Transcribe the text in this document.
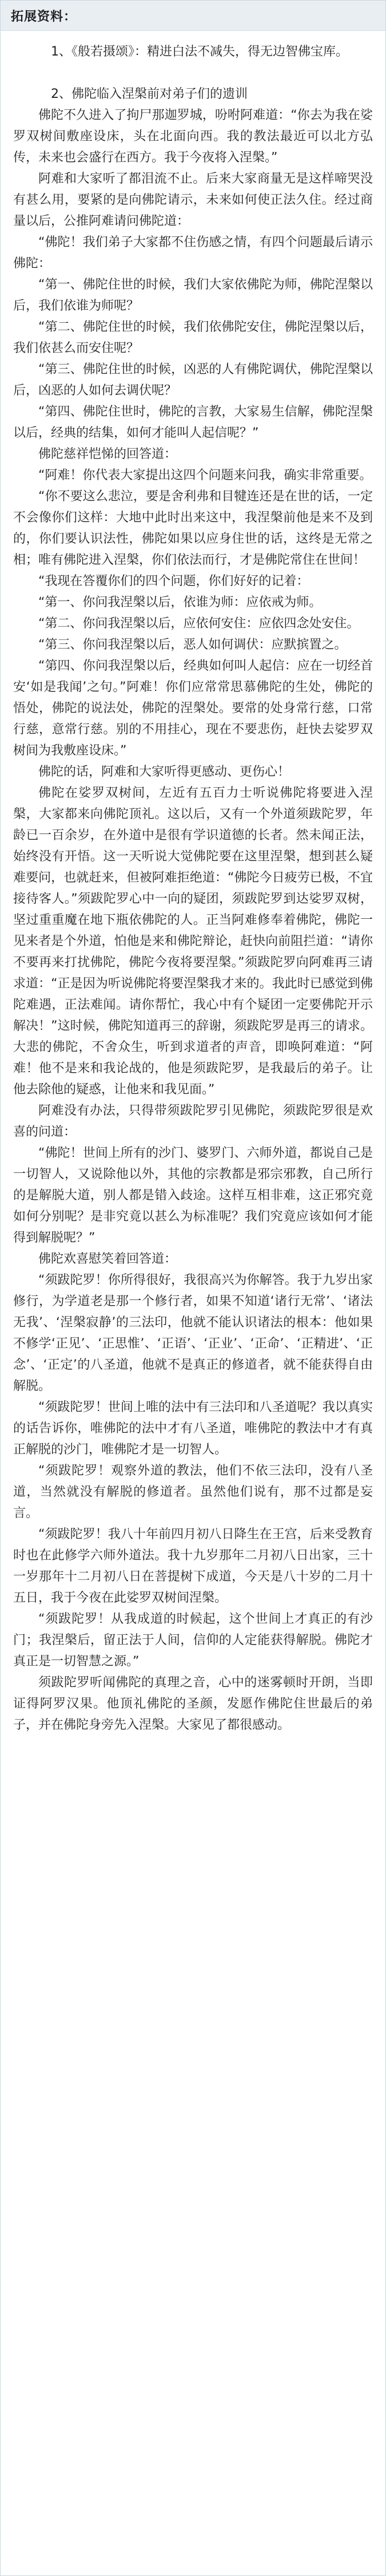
拓展资料：

1、《般若摄颂》：精进白法不减失，得无边智佛宝库。

2、佛陀临入涅槃前对弟子们的遗训

佛陀不久进入了拘尸那迦罗城，吩咐阿难道：“你去为我在娑罗双树间敷座设床，头在北面向西。我的教法最近可以北方弘传，未来也会盛行在西方。我于今夜将入涅槃。”

阿难和大家听了都泪流不止。后来大家商量无是这样啼哭没有甚么用，要紧的是向佛陀请示，未来如何使正法久住。经过商量以后，公推阿难请问佛陀道：

“佛陀！我们弟子大家都不住伤感之情，有四个问题最后请示佛陀：

“第一、佛陀住世的时候，我们大家依佛陀为师，佛陀涅槃以后，我们依谁为师呢？

“第二、佛陀住世的时候，我们依佛陀安住，佛陀涅槃以后，我们依甚么而安住呢？

“第三、佛陀住世的时候，凶恶的人有佛陀调伏，佛陀涅槃以后，凶恶的人如何去调伏呢？

“第四、佛陀住世时，佛陀的言教，大家易生信解，佛陀涅槃以后，经典的结集，如何才能叫人起信呢？”

佛陀慈祥恺悌的回答道：

“阿难！你代表大家提出这四个问题来问我，确实非常重要。

“你不要这么悲泣，要是舍利弗和目犍连还是在世的话，一定不会像你们这样：大地中此时出来这中，我涅槃前他是来不及到的，你们要认识法性，佛陀如果以应身住世的话，这终是无常之相；唯有佛陀进入涅槃，你们依法而行，才是佛陀常住在世间！

“我现在答覆你们的四个问题，你们好好的记着：

“第一、你问我涅槃以后，依谁为师：应依戒为师。

“第二、你问我涅槃以后，应依何安住：应依四念处安住。

“第三、你问我涅槃以后，恶人如何调伏：应默摈置之。

“第四、你问我涅槃以后，经典如何叫人起信：应在一切经首安‘如是我闻’之句。”阿难！你们应常常思慕佛陀的生处，佛陀的悟处，佛陀的说法处，佛陀的涅槃处。要常的处身常行慈，口常行慈，意常行慈。别的不用挂心，现在不要悲伤，赶快去娑罗双树间为我敷座设床。”

佛陀的话，阿难和大家听得更感动、更伤心！

佛陀在娑罗双树间，左近有五百力士听说佛陀将要进入涅槃，大家都来向佛陀顶礼。这以后，又有一个外道须跋陀罗，年龄已一百余岁，在外道中是很有学识道德的长者。然未闻正法，始终没有开悟。这一天听说大觉佛陀要在这里涅槃，想到甚么疑难要问，也就赶来，但被阿难拒绝道：“佛陀今日疲劳已极，不宜接待客人。”须跋陀罗心中一向的疑团，须跋陀罗到达娑罗双树，坚过重重魔在地下瓶依佛陀的人。正当阿难修奉着佛陀，佛陀一见来者是个外道，怕他是来和佛陀辩论，赶快向前阻拦道：“请你不要再来打扰佛陀，佛陀今夜将要涅槃。”须跋陀罗向阿难再三请求道：“正是因为听说佛陀将要涅槃我才来的。我此时已感觉到佛陀难遇，正法难闻。请你帮忙，我心中有个疑团一定要佛陀开示解决！”这时候，佛陀知道再三的辞谢，须跋陀罗是再三的请求。大悲的佛陀，不舍众生，听到求道者的声音，即唤阿难道：“阿难！他不是来和我论战的，他是须跋陀罗，是我最后的弟子。让他去除他的疑惑，让他来和我见面。”

阿难没有办法，只得带须跋陀罗引见佛陀，须跋陀罗很是欢喜的问道：

“佛陀！世间上所有的沙门、婆罗门、六师外道，都说自己是一切智人，又说除他以外，其他的宗教都是邪宗邪教，自己所行的是解脱大道，别人都是错入歧途。这样互相非难，这正邪究竟如何分别呢？是非究竟以甚么为标准呢？我们究竟应该如何才能得到解脱呢？”

佛陀欢喜慰笑着回答道：

“须跋陀罗！你所得很好，我很高兴为你解答。我于九岁出家修行，为学道老是那一个修行者，如果不知道‘诸行无常’、‘诸法无我’、‘涅槃寂静’的三法印，他就不能认识诸法的根本：他如果不修学‘正见’、‘正思惟’、‘正语’、‘正业’、‘正命’、‘正精进’、‘正念’、‘正定’的八圣道，他就不是真正的修道者，就不能获得自由解脱。

“须跋陀罗！世间上唯的法中有三法印和八圣道呢？我以真实的话告诉你，唯佛陀的法中才有八圣道，唯佛陀的教法中才有真正解脱的沙门，唯佛陀才是一切智人。

“须跋陀罗！观察外道的教法，他们不依三法印，没有八圣道，当然就没有解脱的修道者。虽然他们说有，那不过都是妄言。

“须跋陀罗！我八十年前四月初八日降生在王宫，后来受教育时也在此修学六师外道法。我十九岁那年二月初八日出家，三十一岁那年十二月初八日在菩提树下成道，今天是八十岁的二月十五日，我于今夜在此娑罗双树间涅槃。

“须跋陀罗！从我成道的时候起，这个世间上才真正的有沙门；我涅槃后，留正法于人间，信仰的人定能获得解脱。佛陀才真正是一切智慧之源。”

须跋陀罗听闻佛陀的真理之音，心中的迷雾顿时开朗，当即证得阿罗汉果。他顶礼佛陀的圣颜，发愿作佛陀住世最后的弟子，并在佛陀身旁先入涅槃。大家见了都很感动。
